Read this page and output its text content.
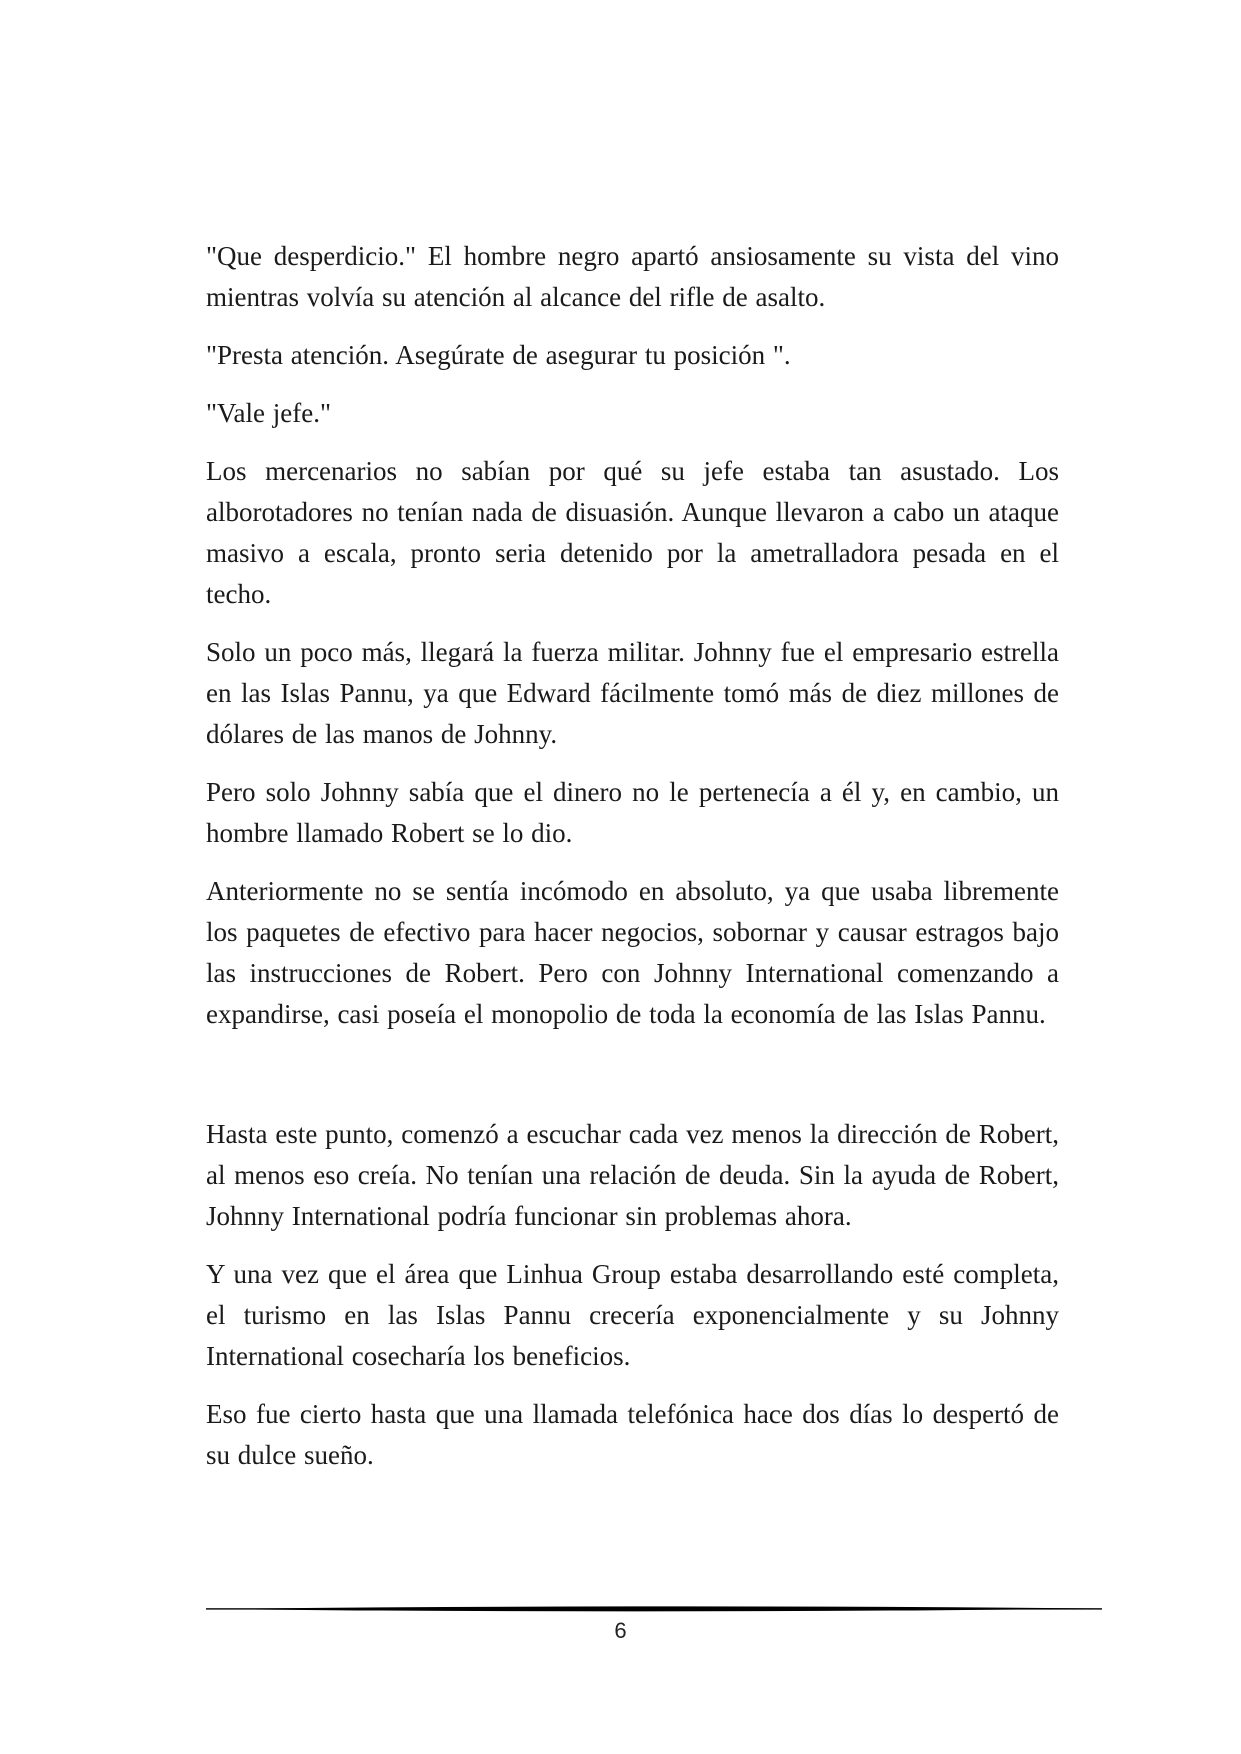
"Que desperdicio." El hombre negro apartó ansiosamente su vista del vino mientras volvía su atención al alcance del rifle de asalto.

"Presta atención. Asegúrate de asegurar tu posición ".

"Vale jefe."

Los mercenarios no sabían por qué su jefe estaba tan asustado. Los alborotadores no tenían nada de disuasión. Aunque llevaron a cabo un ataque masivo a escala, pronto seria detenido por la ametralladora pesada en el techo.

Solo un poco más, llegará la fuerza militar. Johnny fue el empresario estrella en las Islas Pannu, ya que Edward fácilmente tomó más de diez millones de dólares de las manos de Johnny.

Pero solo Johnny sabía que el dinero no le pertenecía a él y, en cambio, un hombre llamado Robert se lo dio.

Anteriormente no se sentía incómodo en absoluto, ya que usaba libremente los paquetes de efectivo para hacer negocios, sobornar y causar estragos bajo las instrucciones de Robert. Pero con Johnny International comenzando a expandirse, casi poseía el monopolio de toda la economía de las Islas Pannu.

Hasta este punto, comenzó a escuchar cada vez menos la dirección de Robert, al menos eso creía. No tenían una relación de deuda. Sin la ayuda de Robert, Johnny International podría funcionar sin problemas ahora.

Y una vez que el área que Linhua Group estaba desarrollando esté completa, el turismo en las Islas Pannu crecería exponencialmente y su Johnny International cosecharía los beneficios.

Eso fue cierto hasta que una llamada telefónica hace dos días lo despertó de su dulce sueño.

6
